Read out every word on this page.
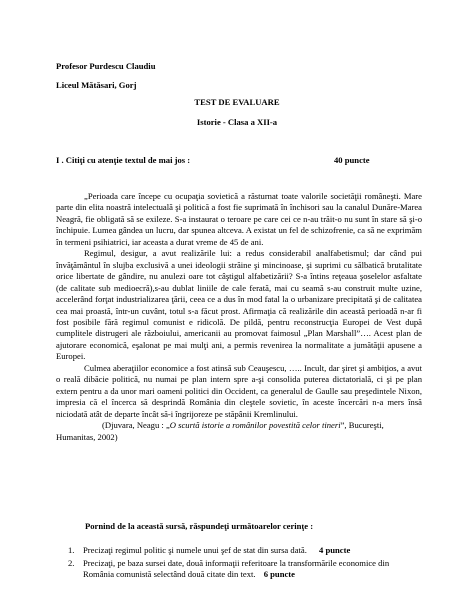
Profesor Purdescu Claudiu
Liceul Mătăsari, Gorj
TEST DE EVALUARE
Istorie - Clasa a XII-a
I . Citiţi cu atenţie textul de mai jos :	40 puncte

„Perioada care începe cu ocupaţia sovietică a răsturnat toate valorile societăţii româneşti. Mare parte din elita noastră intelectuală şi politică a fost fie suprimată în închisori sau la canalul Dunăre-Marea Neagră, fie obligată să se exileze. S-a instaurat o teroare pe care cei ce n-au trăit-o nu sunt în stare să şi-o închipuie. Lumea gândea un lucru, dar spunea altceva. A existat un fel de schizofrenie, ca să ne exprimăm în termeni psihiatrici, iar aceasta a durat vreme de 45 de ani.

Regimul, desigur, a avut realizările lui: a redus considerabil analfabetismul; dar când pui învăţământul în slujba exclusivă a unei ideologii străine şi mincinoase, şi suprimi cu sălbatică brutalitate orice libertate de gândire, nu anulezi oare tot câştigul alfabetizării? S-a întins reţeaua şoselelor asfaltate (de calitate sub medioecră),s-au dublat liniile de cale ferată, mai cu seamă s-au construit multe uzine, accelerând forţat industrializarea ţării, ceea ce a dus în mod fatal la o urbanizare precipitată şi de calitatea cea mai proastă, într-un cuvânt, totul s-a făcut prost. Afirmaţia că realizările din această perioadă n-ar fi fost posibile fără regimul comunist e ridicolă. De pildă, pentru reconstrucţia Europei de Vest după cumplitele distrugeri ale războiului, americanii au promovat faimosul „Plan Marshall”…. Acest plan de ajutorare economică, eşalonat pe mai mulţi ani, a permis revenirea la normalitate a jumătăţii apusene a Europei.

Culmea aberaţiilor economice a fost atinsă sub Ceauşescu, ….. Incult, dar şiret şi ambiţios, a avut o reală dibăcie politică, nu numai pe plan intern spre a-şi consolida puterea dictatorială, ci şi pe plan extern pentru a da unor mari oameni politici din Occident, ca generalul de Gaulle sau preşedintele Nixon, impresia că el încerca să desprindă România din cleştele sovietic, în aceste încercări n-a mers însă niciodată atât de departe încât să-i îngrijoreze pe stăpânii Kremlinului.

(Djuvara, Neagu : „O scurtă istorie a românilor povestită celor tineri”, Bucureşti,
Humanitas, 2002)

Pornind de la această sursă, răspundeţi următoarelor cerinţe :
1. Precizaţi regimul politic şi numele unui şef de stat din sursa dată. 4 puncte
2. Precizaţi, pe baza sursei date, două informaţii referitoare la transformările economice din România comunistă selectând două citate din text. 6 puncte
